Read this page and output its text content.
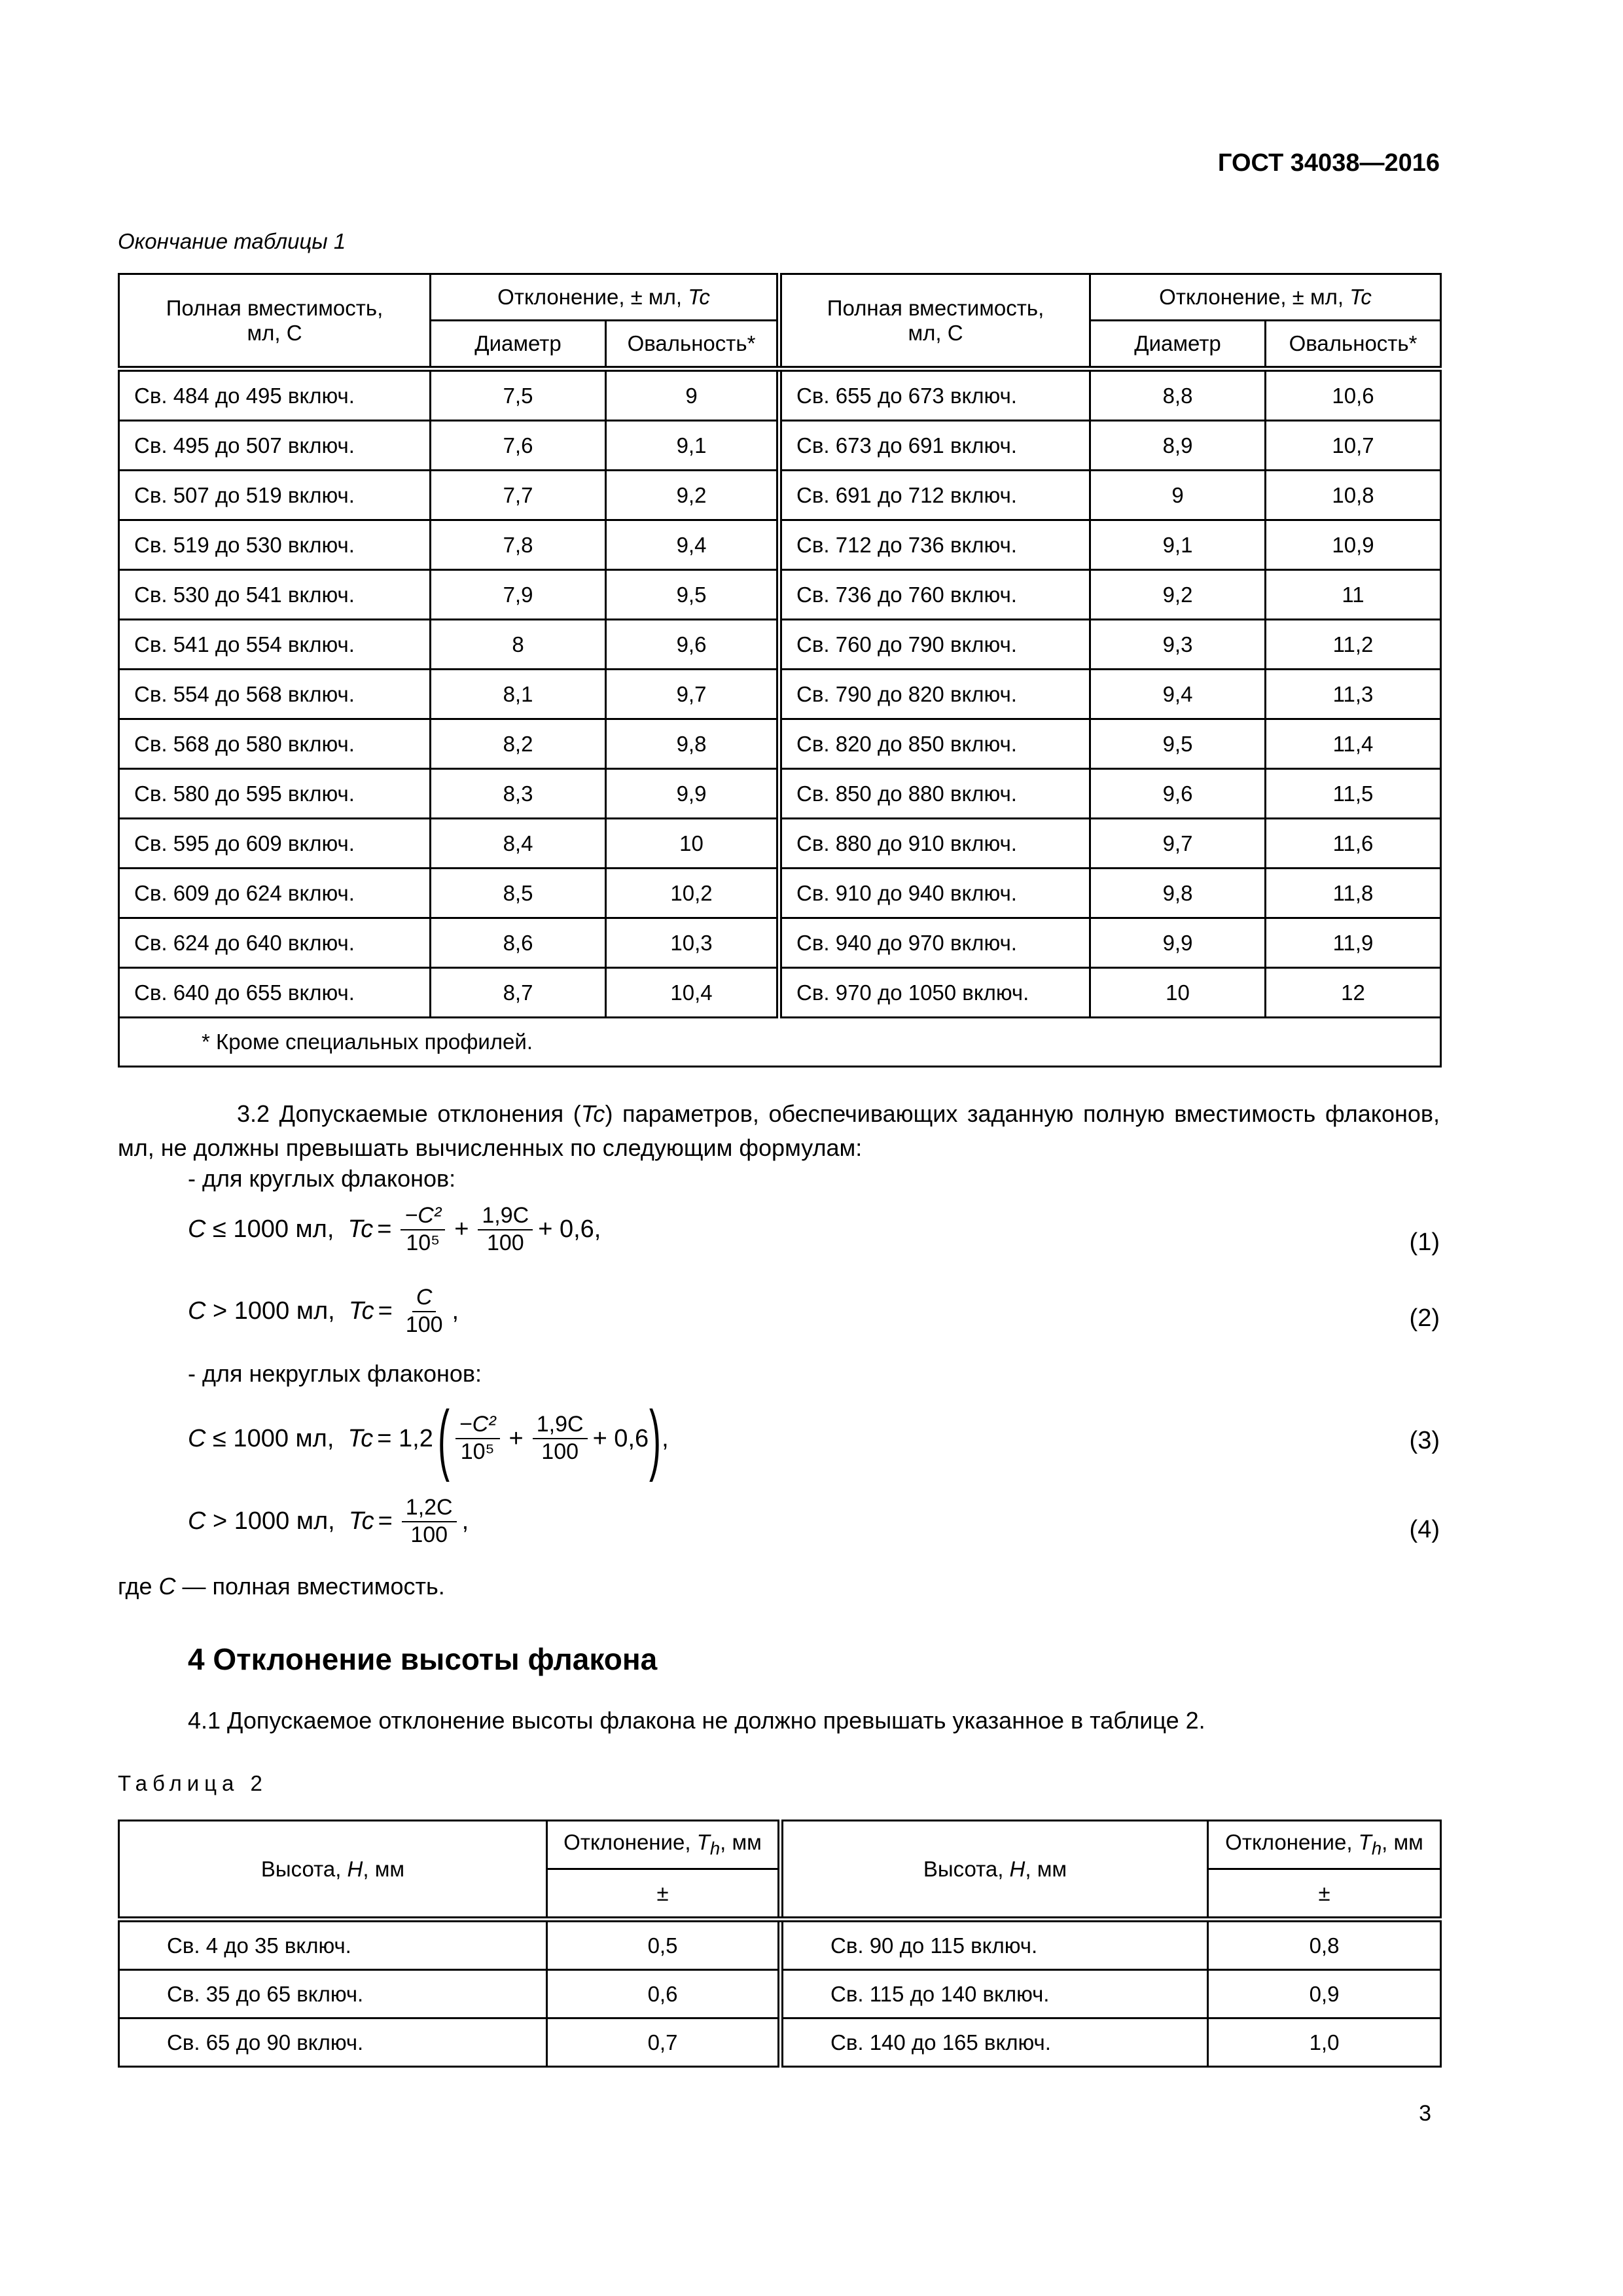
ГОСТ 34038—2016
Окончание таблицы 1
Полная вместимость, мл, С	Отклонение, ± мл, Tc		Полная вместимость, мл, С	Отклонение, ± мл, Tc	
	Диаметр	Овальность*		Диаметр	Овальность*
Св. 484 до 495 включ.	7,5	9	Св. 655 до 673 включ.	8,8	10,6
Св. 495 до 507 включ.	7,6	9,1	Св. 673 до 691 включ.	8,9	10,7
Св. 507 до 519 включ.	7,7	9,2	Св. 691 до 712 включ.	9	10,8
Св. 519 до 530 включ.	7,8	9,4	Св. 712 до 736 включ.	9,1	10,9
Св. 530 до 541 включ.	7,9	9,5	Св. 736 до 760 включ.	9,2	11
Св. 541 до 554 включ.	8	9,6	Св. 760 до 790 включ.	9,3	11,2
Св. 554 до 568 включ.	8,1	9,7	Св. 790 до 820 включ.	9,4	11,3
Св. 568 до 580 включ.	8,2	9,8	Св. 820 до 850 включ.	9,5	11,4
Св. 580 до 595 включ.	8,3	9,9	Св. 850 до 880 включ.	9,6	11,5
Св. 595 до 609 включ.	8,4	10	Св. 880 до 910 включ.	9,7	11,6
Св. 609 до 624 включ.	8,5	10,2	Св. 910 до 940 включ.	9,8	11,8
Св. 624 до 640 включ.	8,6	10,3	Св. 940 до 970 включ.	9,9	11,9
Св. 640 до 655 включ.	8,7	10,4	Св. 970 до 1050 включ.	10	12
* Кроме специальных профилей.					
3.2 Допускаемые отклонения (Tc) параметров, обеспечивающих заданную полную вместимость флаконов, мл, не должны превышать вычисленных по следующим формулам:
- для круглых флаконов:
C
≤ 1000 мл,
$Tc = \frac{\text{−C²}}{\text{10⁵}} + \frac{1,9C}{100} + 0,6$,	(1)
C
> 1000 мл,
$Tc = \frac{C}{100}$ ,	(2)
- для некруглых флаконов:
C
≤ 1000 мл,
Tc = 1,2 ( $\frac{\text{−C²}}{\text{10⁵}} + \frac{1,9C}{100} + 0,6$ ) ,	(3)
C
> 1000 мл,
$Tc = \frac{1,2C}{100}$ ,	(4)
где C — полная вместимость.
4 Отклонение высоты флакона
4.1 Допускаемое отклонение высоты флакона не должно превышать указанное в таблице 2.
Таблица 2
Высота, H, мм	Отклонение, $T_h$, мм	Высота, H, мм	Отклонение, $T_h$, мм
	±		±
Св. 4 до 35 включ.	0,5	Св. 90 до 115 включ.	0,8
Св. 35 до 65 включ.	0,6	Св. 115 до 140 включ.	0,9
Св. 65 до 90 включ.	0,7	Св. 140 до 165 включ.	1,0
3
